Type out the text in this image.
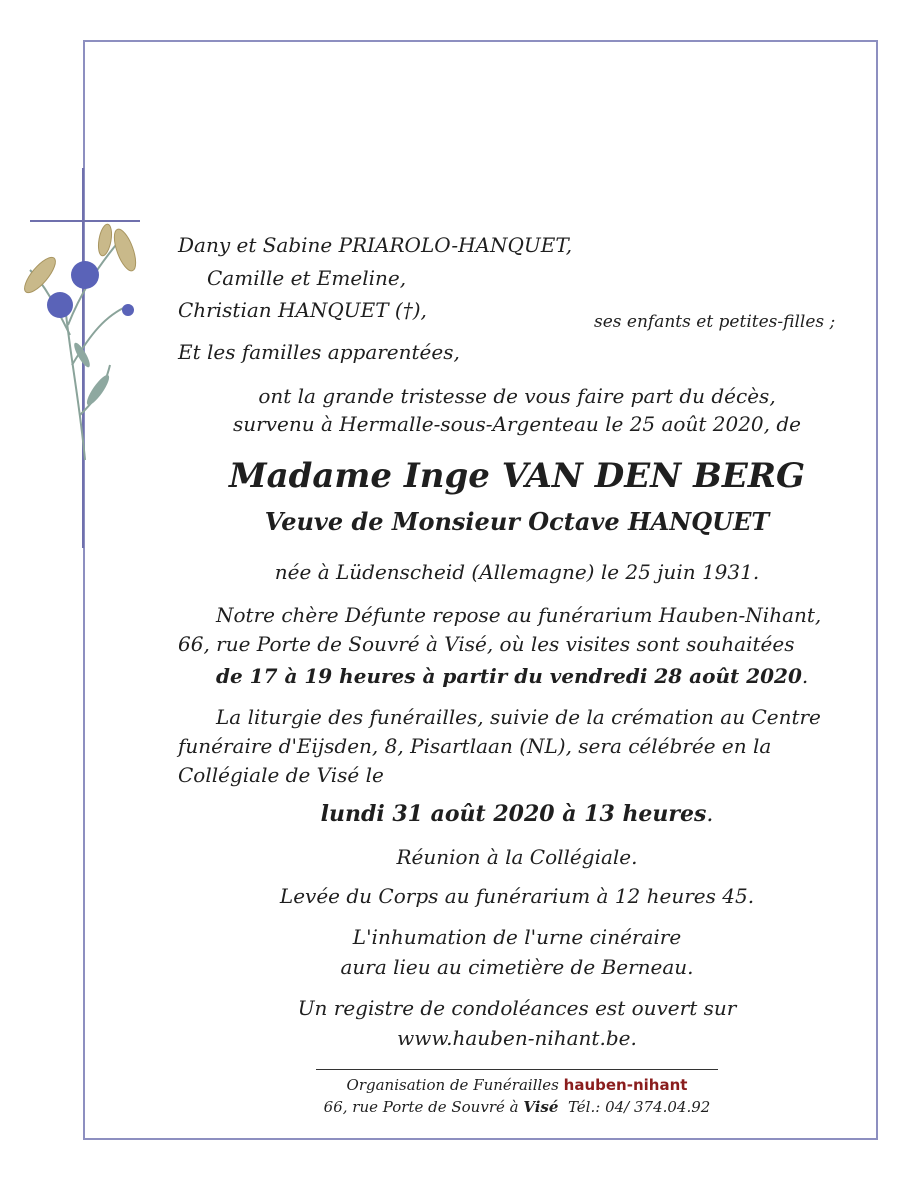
Dany et Sabine PRIAROLO-HANQUET,
Camille et Emeline,
Christian HANQUET (†),	ses enfants et petites-filles ;
Et les familles apparentées,
ont la grande tristesse de vous faire part du décès,
survenu à Hermalle-sous-Argenteau le 25 août 2020, de
Madame Inge VAN DEN BERG
Veuve de Monsieur Octave HANQUET
née à Lüdenscheid (Allemagne) le 25 juin 1931.
Notre chère Défunte repose au funérarium Hauben-Nihant,
66, rue Porte de Souvré à Visé, où les visites sont souhaitées
de 17 à 19 heures à partir du vendredi 28 août 2020.
La liturgie des funérailles, suivie de la crémation au Centre
funéraire d'Eijsden, 8, Pisartlaan (NL), sera célébrée en la
Collégiale de Visé le
lundi 31 août 2020 à 13 heures.
Réunion à la Collégiale.
Levée du Corps au funérarium à 12 heures 45.
L'inhumation de l'urne cinéraire
aura lieu au cimetière de Berneau.
Un registre de condoléances est ouvert sur
www.hauben-nihant.be.
Organisation de Funérailles hauben-nihant
66, rue Porte de Souvré à Visé Tél.: 04/ 374.04.92
